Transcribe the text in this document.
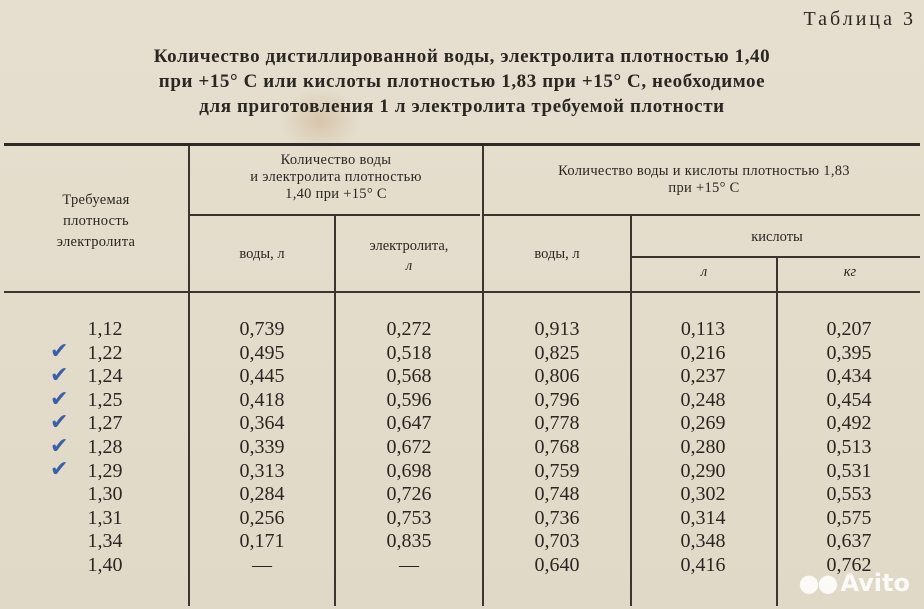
Таблица 3
Количество дистиллированной воды, электролита плотностью 1,40
при +15° С или кислоты плотностью 1,83 при +15° С, необходимое
для приготовления 1 л электролита требуемой плотности
Требуемая
плотность
электролита
Количество воды
и электролита плотностью
1,40 при +15° С
Количество воды и кислоты плотностью 1,83
при +15° С
воды, л	электролита,
л
воды, л
кислоты
л	кг
1,12
1,22
1,24
1,25
1,27
1,28
1,29
1,30
1,31
1,34
1,40
0,739
0,495
0,445
0,418
0,364
0,339
0,313
0,284
0,256
0,171
—
0,272
0,518
0,568
0,596
0,647
0,672
0,698
0,726
0,753
0,835
—
0,913
0,825
0,806
0,796
0,778
0,768
0,759
0,748
0,736
0,703
0,640
0,113
0,216
0,237
0,248
0,269
0,280
0,290
0,302
0,314
0,348
0,416
0,207
0,395
0,434
0,454
0,492
0,513
0,531
0,553
0,575
0,637
0,762
✔
✔
✔
✔
✔
✔
●● Avito
